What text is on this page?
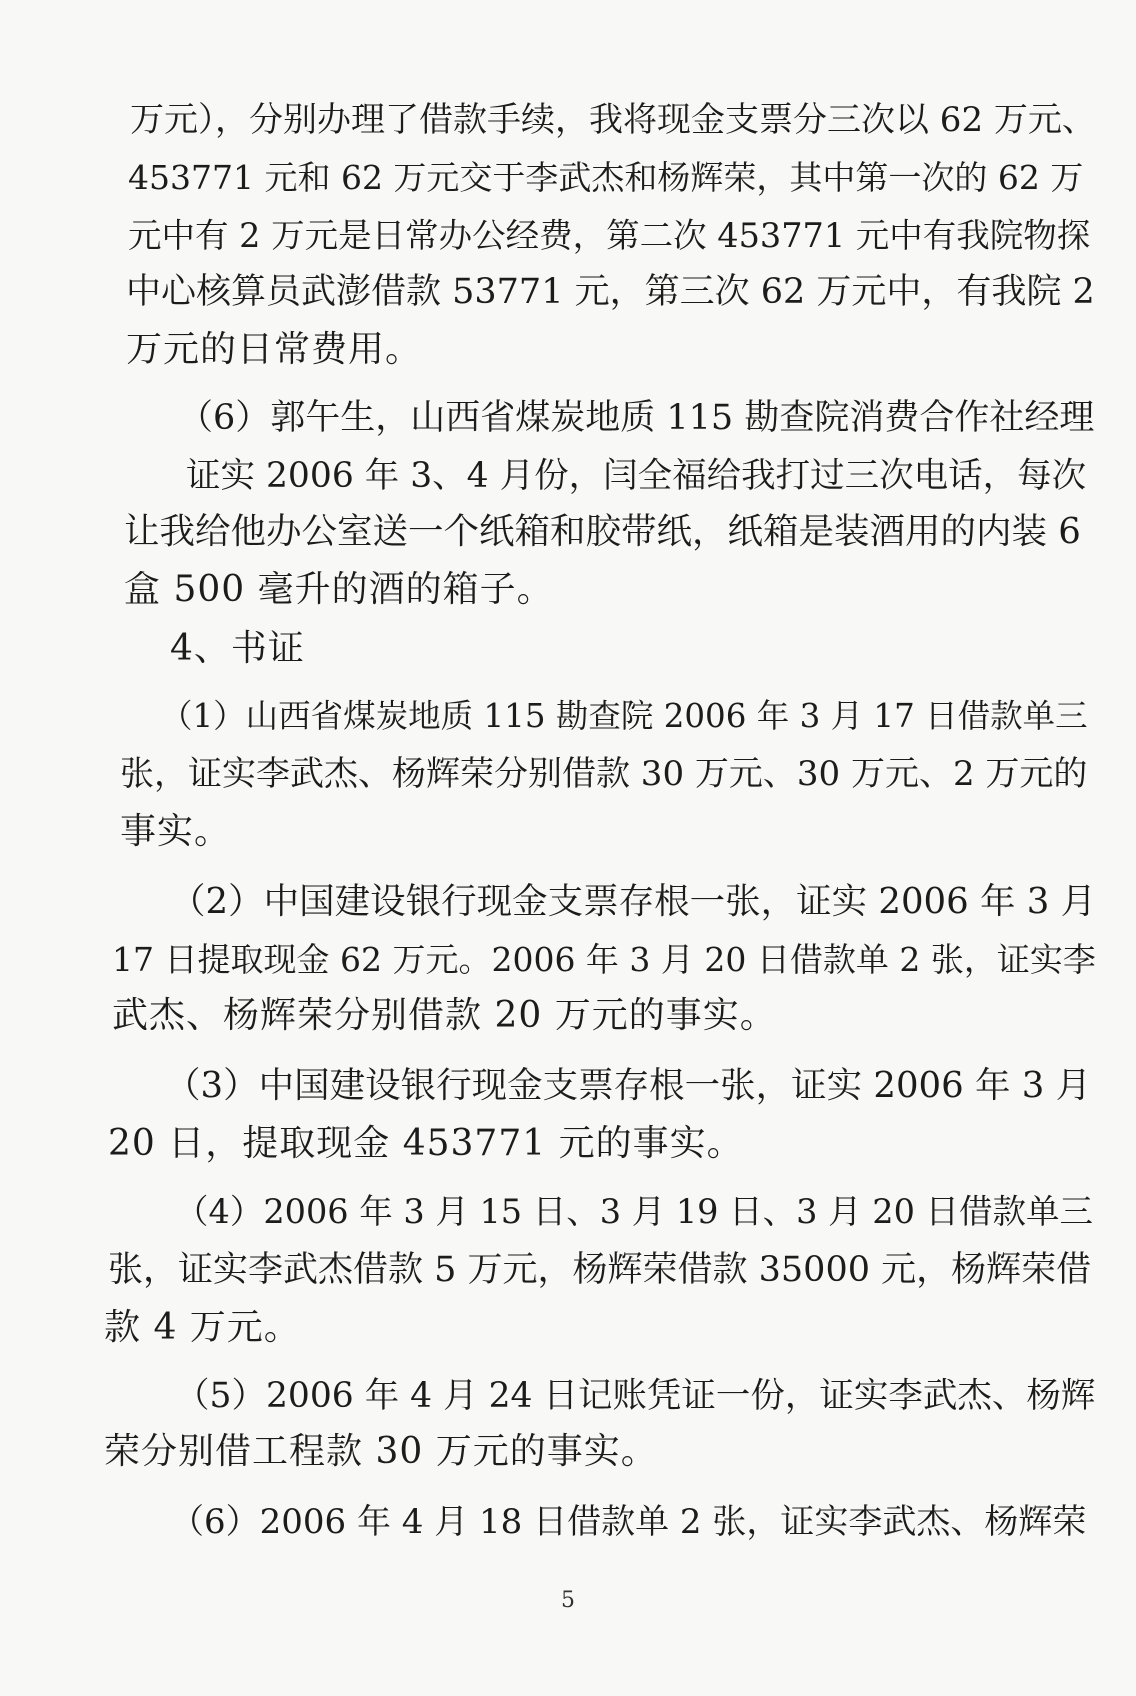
万元），分别办理了借款手续，我将现金支票分三次以 62 万元、
453771 元和 62 万元交于李武杰和杨辉荣，其中第一次的 62 万
元中有 2 万元是日常办公经费，第二次 453771 元中有我院物探
中心核算员武澎借款 53771 元，第三次 62 万元中，有我院 2
万元的日常费用。
（6）郭午生，山西省煤炭地质 115 勘查院消费合作社经理
证实 2006 年 3、4 月份，闫全福给我打过三次电话，每次
让我给他办公室送一个纸箱和胶带纸，纸箱是装酒用的内装 6
盒 500 毫升的酒的箱子。
4、书证
（1）山西省煤炭地质 115 勘查院 2006 年 3 月 17 日借款单三
张，证实李武杰、杨辉荣分别借款 30 万元、30 万元、2 万元的
事实。
（2）中国建设银行现金支票存根一张，证实 2006 年 3 月
17 日提取现金 62 万元。2006 年 3 月 20 日借款单 2 张，证实李
武杰、杨辉荣分别借款 20 万元的事实。
（3）中国建设银行现金支票存根一张，证实 2006 年 3 月
20 日，提取现金 453771 元的事实。
（4）2006 年 3 月 15 日、3 月 19 日、3 月 20 日借款单三
张，证实李武杰借款 5 万元，杨辉荣借款 35000 元，杨辉荣借
款 4 万元。
（5）2006 年 4 月 24 日记账凭证一份，证实李武杰、杨辉
荣分别借工程款 30 万元的事实。
（6）2006 年 4 月 18 日借款单 2 张，证实李武杰、杨辉荣
5
